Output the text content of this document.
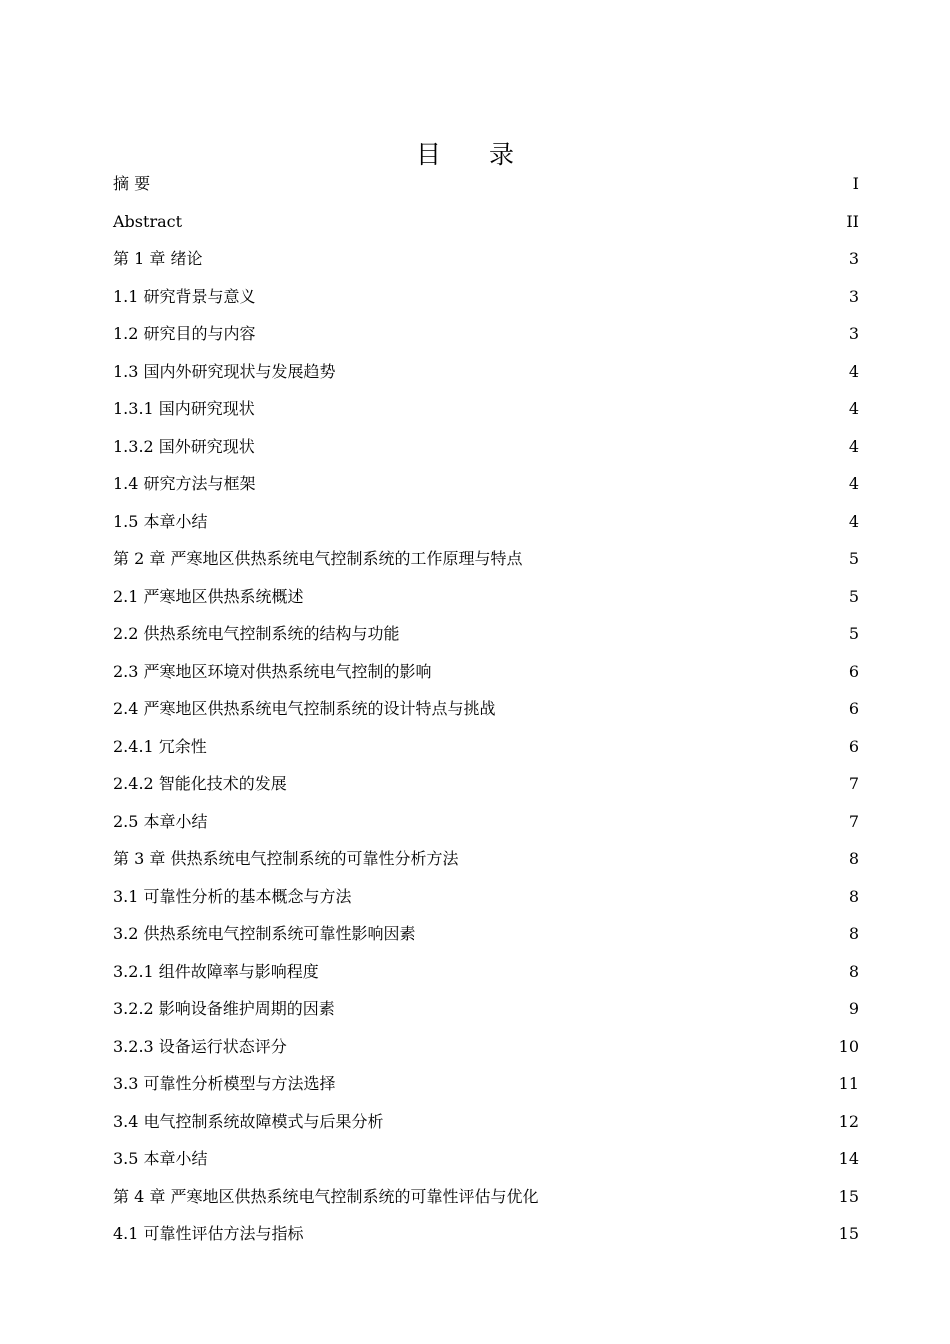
目 录
摘 要	I
Abstract	II
第 1 章 绪论	3
1.1 研究背景与意义	3
1.2 研究目的与内容	3
1.3 国内外研究现状与发展趋势	4
1.3.1 国内研究现状	4
1.3.2 国外研究现状	4
1.4 研究方法与框架	4
1.5 本章小结	4
第 2 章 严寒地区供热系统电气控制系统的工作原理与特点	5
2.1 严寒地区供热系统概述	5
2.2 供热系统电气控制系统的结构与功能	5
2.3 严寒地区环境对供热系统电气控制的影响	6
2.4 严寒地区供热系统电气控制系统的设计特点与挑战	6
2.4.1 冗余性	6
2.4.2 智能化技术的发展	7
2.5 本章小结	7
第 3 章 供热系统电气控制系统的可靠性分析方法	8
3.1 可靠性分析的基本概念与方法	8
3.2 供热系统电气控制系统可靠性影响因素	8
3.2.1 组件故障率与影响程度	8
3.2.2 影响设备维护周期的因素	9
3.2.3 设备运行状态评分	10
3.3 可靠性分析模型与方法选择	11
3.4 电气控制系统故障模式与后果分析	12
3.5 本章小结	14
第 4 章 严寒地区供热系统电气控制系统的可靠性评估与优化	15
4.1 可靠性评估方法与指标	15
